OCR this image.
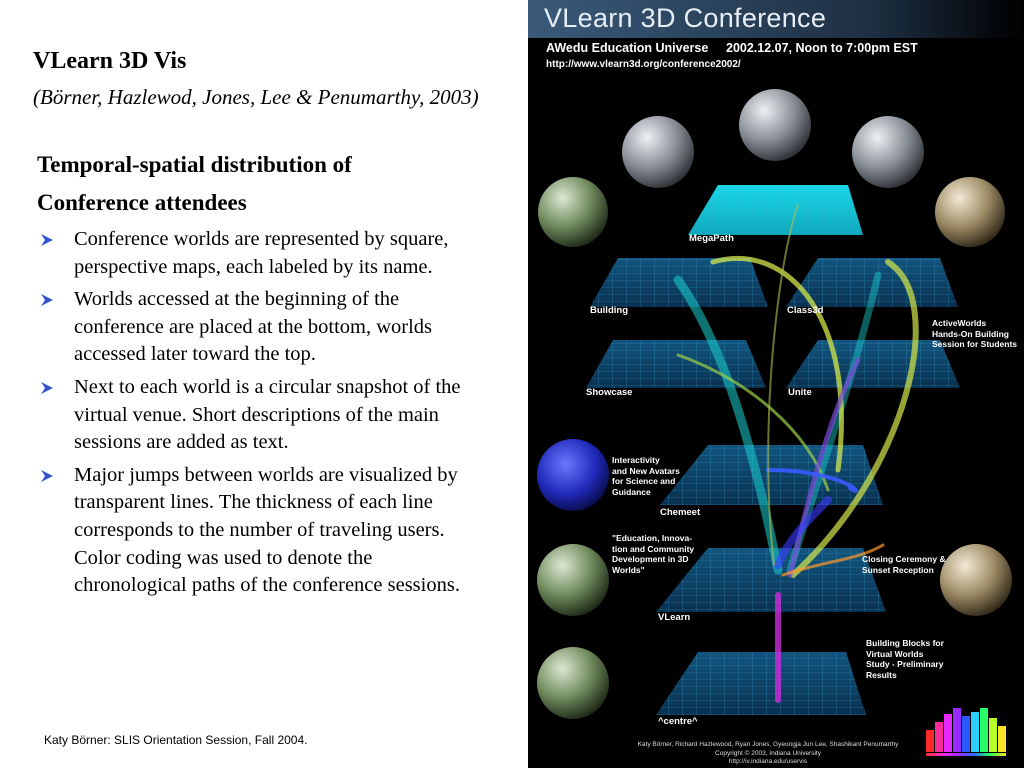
VLearn 3D Vis

(Börner, Hazlewod, Jones, Lee & Penumarthy, 2003)

Temporal-spatial distribution of
Conference attendees
Conference worlds are represented by square, perspective maps, each labeled by its name.
Worlds accessed at the beginning of the conference are placed at the bottom, worlds accessed later toward the top.
Next to each world is a circular snapshot of the virtual venue. Short descriptions of the main sessions are added as text.
Major jumps between worlds are visualized by transparent lines. The thickness of each line corresponds to the number of traveling users. Color coding was used to denote the chronological paths of the conference sessions.
Katy Börner: SLIS Orientation Session, Fall 2004.
VLearn 3D Conference
AWedu Education Universe 2002.12.07, Noon to 7:00pm EST
http://www.vlearn3d.org/conference2002/
MegaPath
Building	Class3d
Showcase	Unite
Chemeet
VLearn
^centre^
ActiveWorlds
Hands-On Building
Session for Students
Interactivity
and New Avatars
for Science and
Guidance
"Education, Innova-
tion and Community
Development in 3D
Worlds"
Closing Ceremony &
Sunset Reception
Building Blocks for
Virtual Worlds
Study - Preliminary
Results
Katy Börner, Richard Hazlewood, Ryan Jones, Gyeongja Jun Lee, Shashikant Penumarthy
Copyright © 2003, Indiana University
http://iv.indiana.edu/uservis
